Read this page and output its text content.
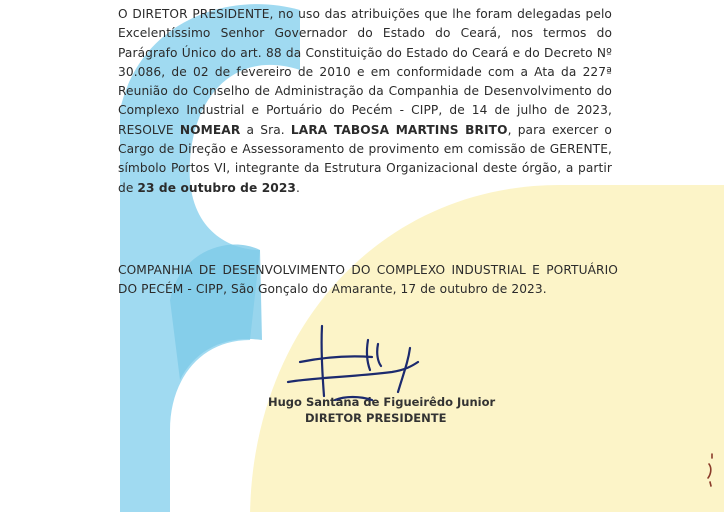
O DIRETOR PRESIDENTE, no uso das atribuições que lhe foram delegadas pelo Excelentíssimo Senhor Governador do Estado do Ceará, nos termos do Parágrafo Único do art. 88 da Constituição do Estado do Ceará e do Decreto Nº 30.086, de 02 de fevereiro de 2010 e em conformidade com a Ata da 227ª Reunião do Conselho de Administração da Companhia de Desenvolvimento do Complexo Industrial e Portuário do Pecém - CIPP, de 14 de julho de 2023, RESOLVE NOMEAR a Sra. LARA TABOSA MARTINS BRITO, para exercer o Cargo de Direção e Assessoramento de provimento em comissão de GERENTE, símbolo Portos VI, integrante da Estrutura Organizacional deste órgão, a partir de 23 de outubro de 2023.
COMPANHIA DE DESENVOLVIMENTO DO COMPLEXO INDUSTRIAL E PORTUÁRIO DO PECÉM - CIPP, São Gonçalo do Amarante, 17 de outubro de 2023.
Hugo Santana de Figueirêdo Junior
DIRETOR PRESIDENTE
